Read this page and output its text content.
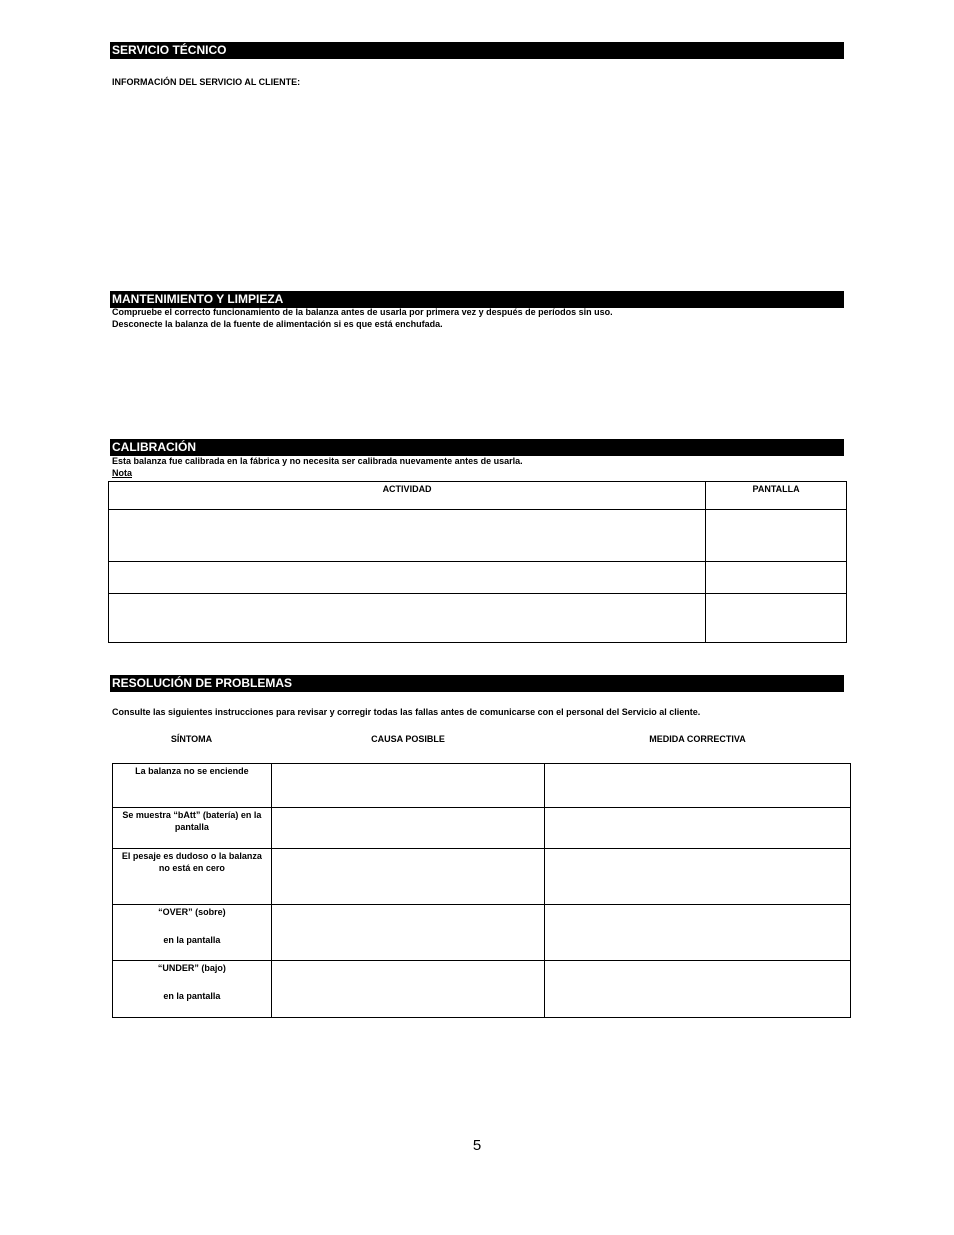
SERVICIO TÉCNICO
INFORMACIÓN DEL SERVICIO AL CLIENTE:
MANTENIMIENTO Y LIMPIEZA
Compruebe el correcto funcionamiento de la balanza antes de usarla por primera vez y después de períodos sin uso.
Desconecte la balanza de la fuente de alimentación si es que está enchufada.
CALIBRACIÓN
Esta balanza fue calibrada en la fábrica y no necesita ser calibrada nuevamente antes de usarla.
Nota
ACTIVIDAD	PANTALLA

RESOLUCIÓN DE PROBLEMAS
Consulte las siguientes instrucciones para revisar y corregir todas las fallas antes de comunicarse con el personal del Servicio al cliente.
SÍNTOMA	CAUSA POSIBLE	MEDIDA CORRECTIVA
La balanza no se enciende		
Se muestra “bAtt” (batería) en la pantalla		
El pesaje es dudoso o la balanza no está en cero		
“OVER” (sobre)
en la pantalla		
“UNDER” (bajo)
en la pantalla		
5
